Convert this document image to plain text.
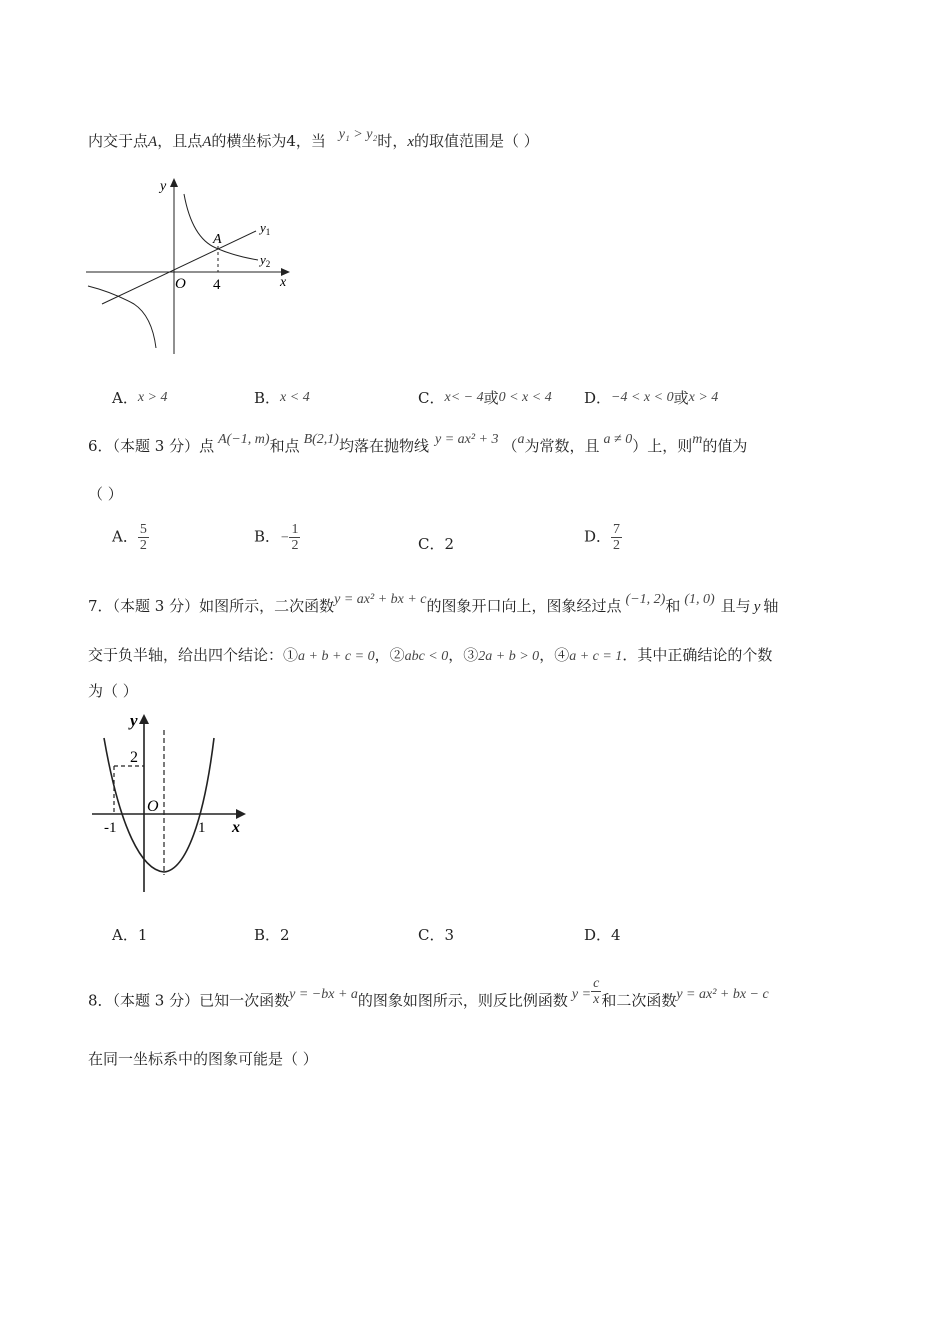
内交于点A，且点A的横坐标为4，当 y₁ > y₂时，x的取值范围是（ ）
y
x
O
A
4
$y_1$
$y_2$
A．x > 4	B．x < 4	C．x< − 4或0 < x < 4 D．−4 < x < 0或x > 4
6．（本题 3 分）点 A(−1, m)和点 B(2,1)均落在抛物线 y = ax² + 3 （a为常数，且 a ≠ 0）上，则m的值为
（ ）
A． $\frac{5}{2}$	B．− $\frac{1}{2}$	C．2	D． $\frac{7}{2}$
7．（本题 3 分）如图所示，二次函数y = ax² + bx + c的图象开口向上，图象经过点 (−1, 2)和 (1, 0) 且与 y 轴
交于负半轴，给出四个结论：①a + b + c = 0，②abc < 0，③2a + b > 0，④a + c = 1．其中正确结论的个数
为（ ）
y
x
O
2
-1	1
A．1	B．2	C．3	D．4
8．（本题 3 分）已知一次函数y = −bx + a的图象如图所示，则反比例函数 $y = \frac{c}{x}$ 和二次函数y = ax² + bx − c
在同一坐标系中的图象可能是（ ）
